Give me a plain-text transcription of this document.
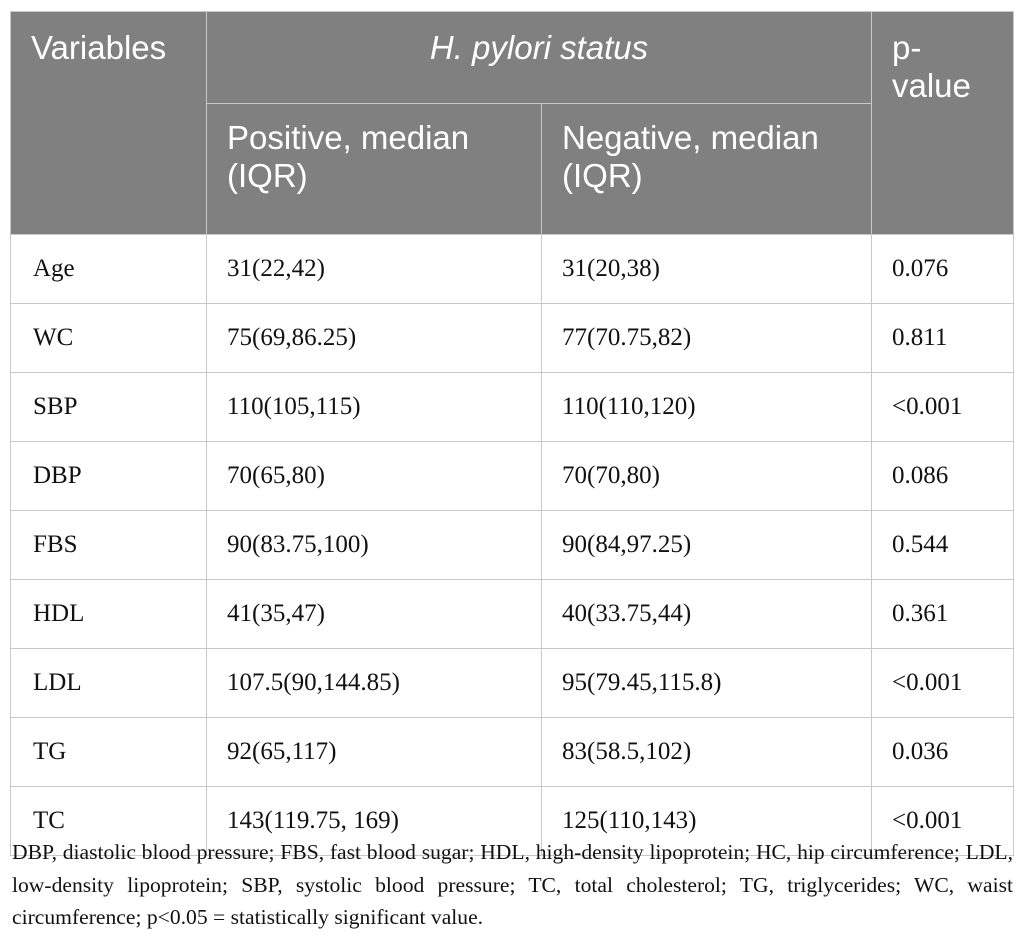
Variables	H. pylori status		p-
value
	Positive, median (IQR)	Negative, median (IQR)	
Age	31(22,42)	31(20,38)	0.076
WC	75(69,86.25)	77(70.75,82)	0.811
SBP	110(105,115)	110(110,120)	<0.001
DBP	70(65,80)	70(70,80)	0.086
FBS	90(83.75,100)	90(84,97.25)	0.544
HDL	41(35,47)	40(33.75,44)	0.361
LDL	107.5(90,144.85)	95(79.45,115.8)	<0.001
TG	92(65,117)	83(58.5,102)	0.036
TC	143(119.75, 169)	125(110,143)	<0.001
DBP, diastolic blood pressure; FBS, fast blood sugar; HDL, high-density lipoprotein; HC, hip circumference; LDL, low-density lipoprotein; SBP, systolic blood pressure; TC, total cholesterol; TG, triglycerides; WC, waist circumference; p<0.05 = statistically significant value.
